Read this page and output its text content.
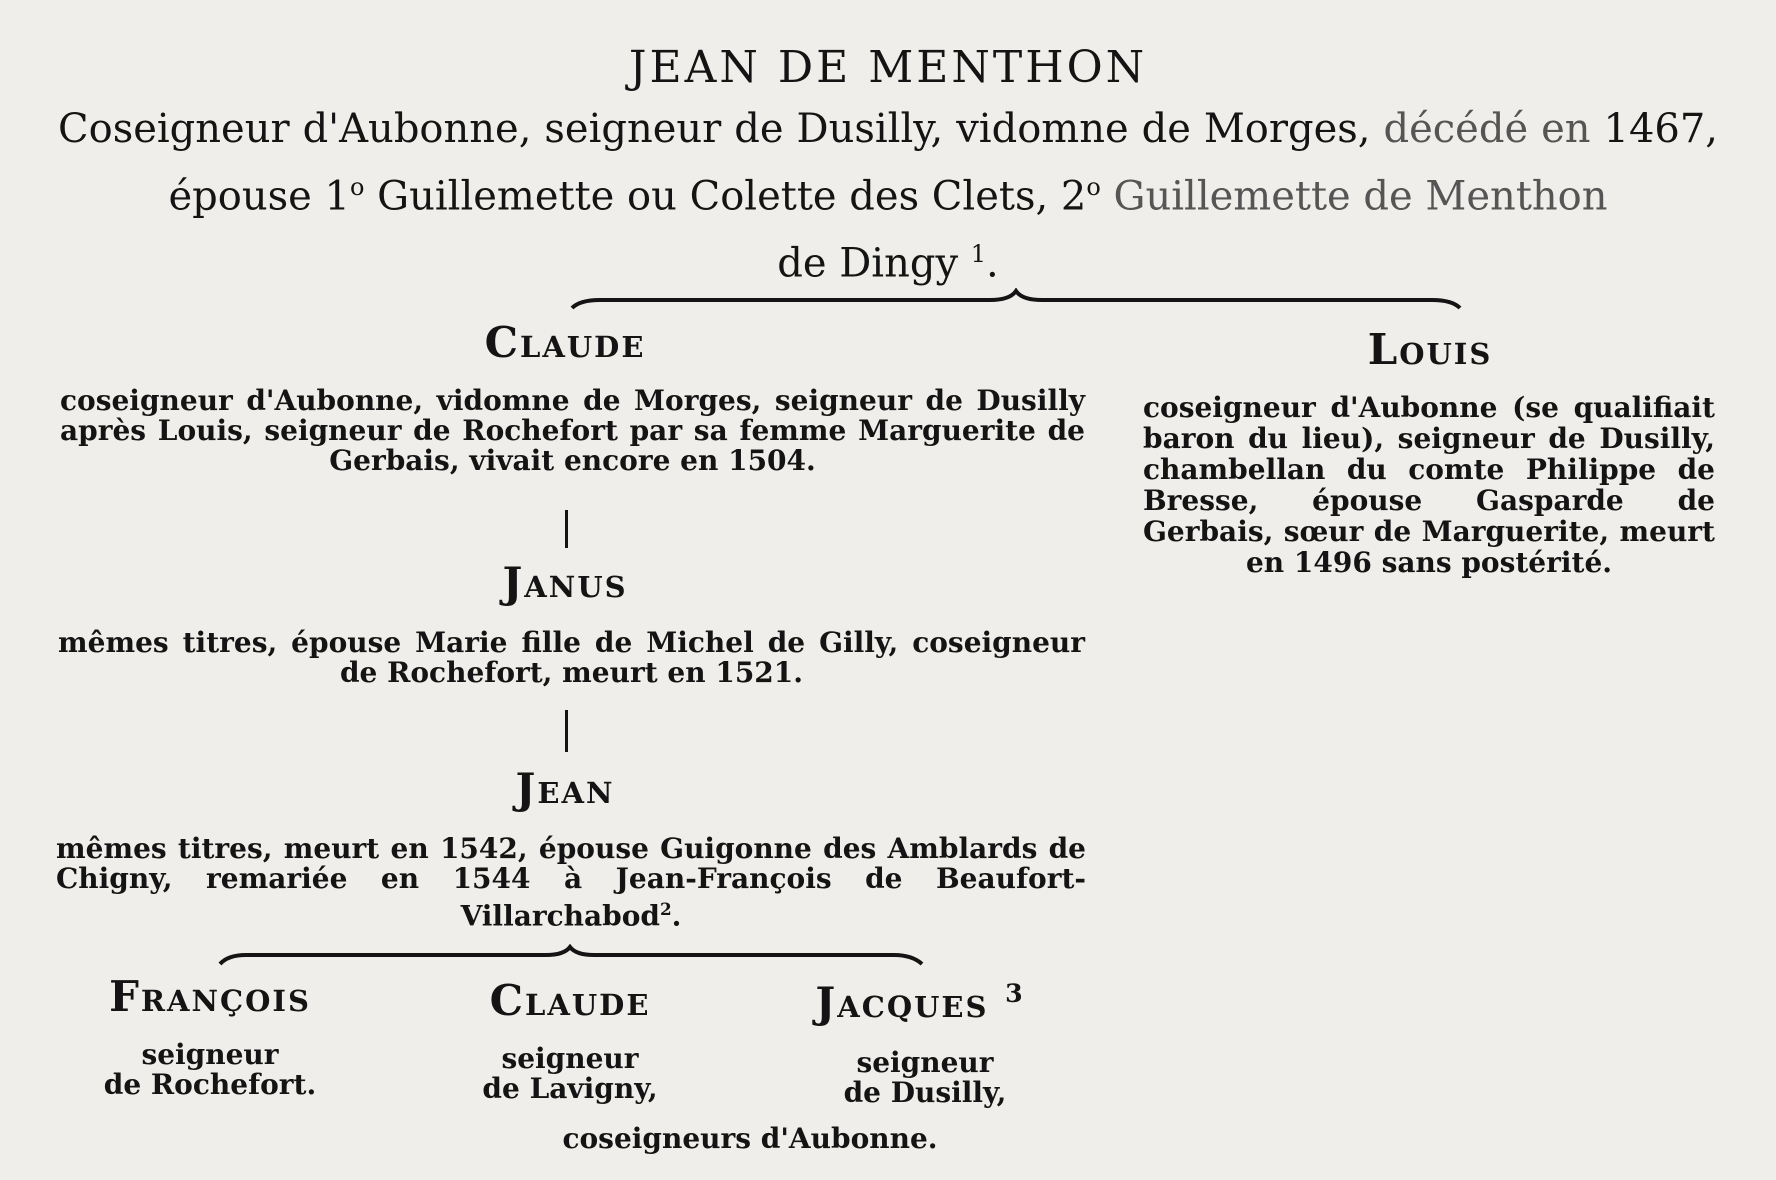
JEAN DE MENTHON
Coseigneur d'Aubonne, seigneur de Dusilly, vidomne de Morges, décédé en 1467, épouse 1$^o$ Guillemette ou Colette des Clets, 2$^o$ Guillemette de Menthon
de Dingy $^1$.
Claude
coseigneur d'Aubonne, vidomne de Morges, seigneur de Dusilly après Louis, seigneur de Rochefort par sa femme Marguerite de Gerbais, vivait encore en 1504.
Janus
mêmes titres, épouse Marie fille de Michel de Gilly, coseigneur de Rochefort, meurt en 1521.
Jean
mêmes titres, meurt en 1542, épouse Guigonne des Amblards de Chigny, remariée en 1544 à Jean-François de Beaufort-Villarchabod$^2$.
Louis
coseigneur d'Aubonne (se qualifiait baron du lieu), seigneur de Dusilly, chambellan du comte Philippe de Bresse, épouse Gasparde de Gerbais, sœur de Marguerite, meurt en 1496 sans postérité.
François
seigneur
de Rochefort.
Claude
seigneur
de Lavigny,
Jacques $^3$
seigneur
de Dusilly,
coseigneurs d'Aubonne.
